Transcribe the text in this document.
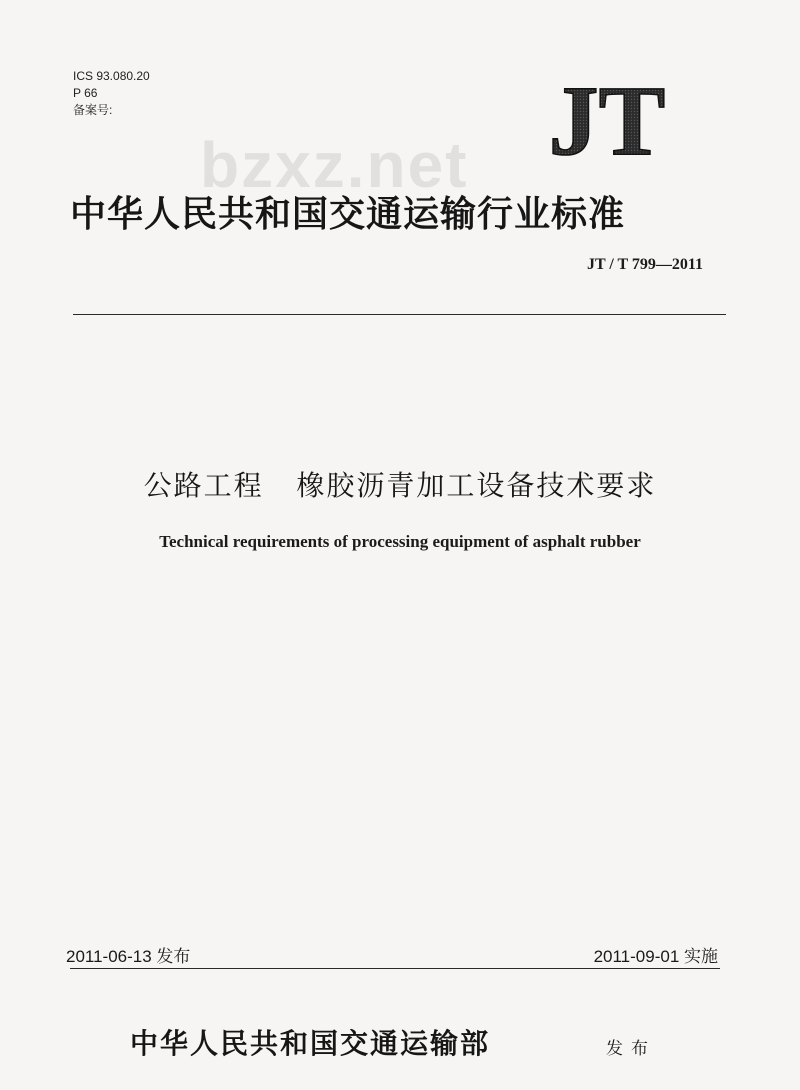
ICS 93.080.20
P 66
备案号:	JT
bzxz.net
中华人民共和国交通运输行业标准
JT / T 799—2011
公路工程   橡胶沥青加工设备技术要求
Technical requirements of processing equipment of asphalt rubber
2011-06-13 发布	2011-09-01 实施
中华人民共和国交通运输部	发布
